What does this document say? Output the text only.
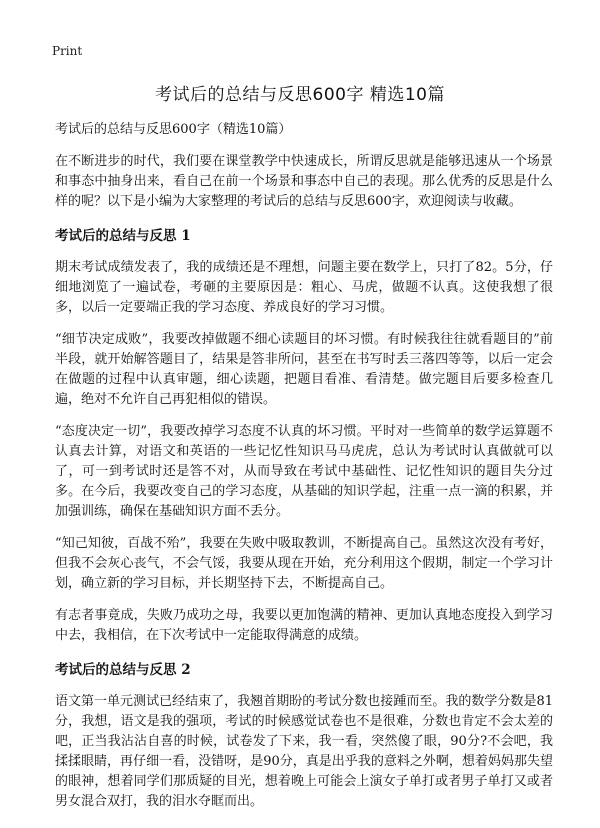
Print
考试后的总结与反思600字 精选10篇
考试后的总结与反思600字（精选10篇）

在不断进步的时代，我们要在课堂教学中快速成长，所谓反思就是能够迅速从一个场景和事态中抽身出来，看自己在前一个场景和事态中自己的表现。那么优秀的反思是什么样的呢？以下是小编为大家整理的考试后的总结与反思600字，欢迎阅读与收藏。

考试后的总结与反思 1

期末考试成绩发表了，我的成绩还是不理想，问题主要在数学上，只打了82。5分，仔细地浏览了一遍试卷，考砸的主要原因是：粗心、马虎，做题不认真。这使我想了很多，以后一定要端正我的学习态度、养成良好的学习习惯。

“细节决定成败”，我要改掉做题不细心读题目的坏习惯。有时候我往往就看题目的”前半段，就开始解答题目了，结果是答非所问，甚至在书写时丢三落四等等，以后一定会在做题的过程中认真审题，细心读题，把题目看准、看清楚。做完题目后要多检查几遍，绝对不允许自己再犯相似的错误。

“态度决定一切”，我要改掉学习态度不认真的坏习惯。平时对一些简单的数学运算题不认真去计算，对语文和英语的一些记忆性知识马马虎虎，总认为考试时认真做就可以了，可一到考试时还是答不对，从而导致在考试中基础性、记忆性知识的题目失分过多。在今后，我要改变自己的学习态度，从基础的知识学起，注重一点一滴的积累，并加强训练，确保在基础知识方面不丢分。

“知己知彼，百战不殆”，我要在失败中吸取教训，不断提高自己。虽然这次没有考好，但我不会灰心丧气，不会气馁，我要从现在开始，充分利用这个假期，制定一个学习计划，确立新的学习目标，并长期坚持下去，不断提高自己。

有志者事竟成，失败乃成功之母，我要以更加饱满的精神、更加认真地态度投入到学习中去，我相信，在下次考试中一定能取得满意的成绩。

考试后的总结与反思 2

语文第一单元测试已经结束了，我翘首期盼的考试分数也接踵而至。我的数学分数是81分，我想，语文是我的强项，考试的时候感觉试卷也不是很难，分数也肯定不会太差的吧，正当我沾沾自喜的时候，试卷发了下来，我一看，突然傻了眼，90分?不会吧，我揉揉眼睛，再仔细一看，没错呀，是90分，真是出乎我的意料之外啊，想着妈妈那失望的眼神，想着同学们那质疑的目光，想着晚上可能会上演女子单打或者男子单打又或者男女混合双打，我的泪水夺眶而出。
